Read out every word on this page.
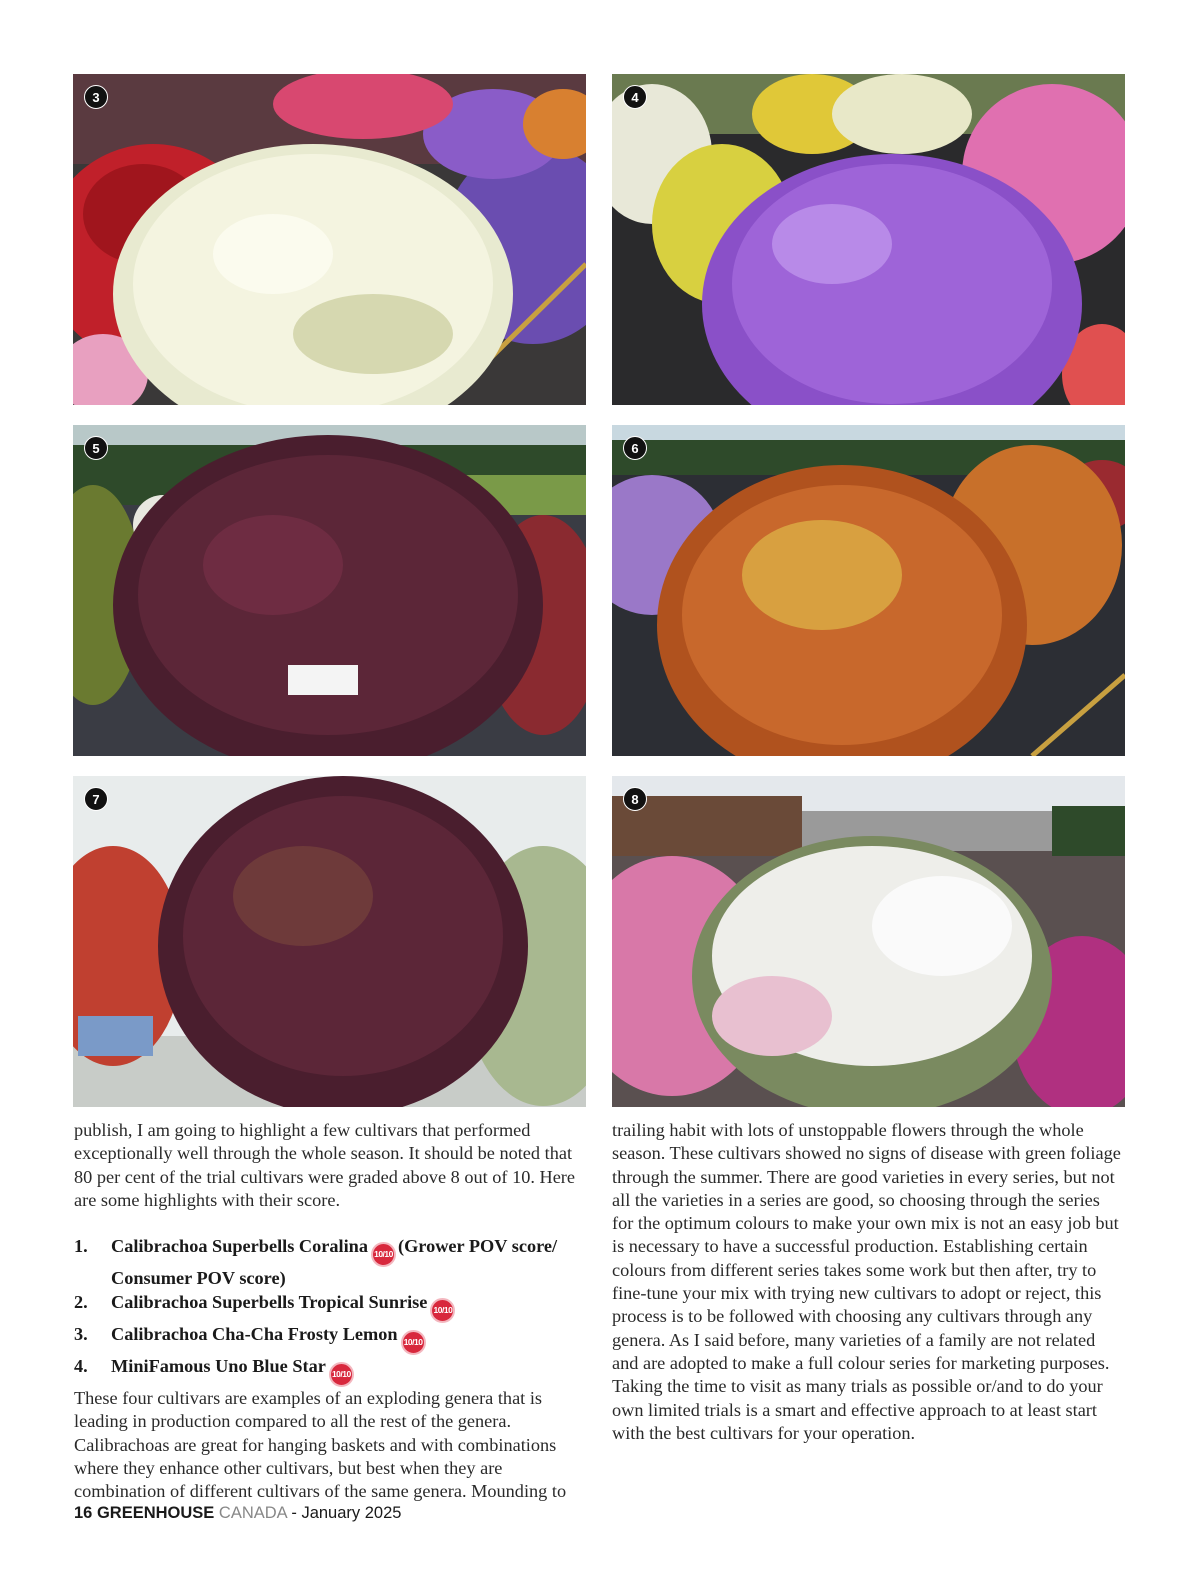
3	4
5	6
7	8

publish, I am going to highlight a few cultivars that performed exceptionally well through the whole season. It should be noted that 80 per cent of the trial cultivars were graded above 8 out of 10. Here are some highlights with their score.

1. Calibrachoa Superbells Coralina 10/10 (Grower POV score/ Consumer POV score)
2. Calibrachoa Superbells Tropical Sunrise 10/10
3. Calibrachoa Cha-Cha Frosty Lemon 10/10
4. MiniFamous Uno Blue Star 10/10

These four cultivars are examples of an exploding genera that is leading in production compared to all the rest of the genera. Calibrachoas are great for hanging baskets and with combinations where they enhance other cultivars, but best when they are combination of different cultivars of the same genera. Mounding to

trailing habit with lots of unstoppable flowers through the whole season. These cultivars showed no signs of disease with green foliage through the summer. There are good varieties in every series, but not all the varieties in a series are good, so choosing through the series for the optimum colours to make your own mix is not an easy job but is necessary to have a successful production. Establishing certain colours from different series takes some work but then after, try to fine-tune your mix with trying new cultivars to adopt or reject, this process is to be followed with choosing any cultivars through any genera. As I said before, many varieties of a family are not related and are adopted to make a full colour series for marketing purposes. Taking the time to visit as many trials as possible or/and to do your own limited trials is a smart and effective approach to at least start with the best cultivars for your operation.

16 GREENHOUSE CANADA - January 2025
